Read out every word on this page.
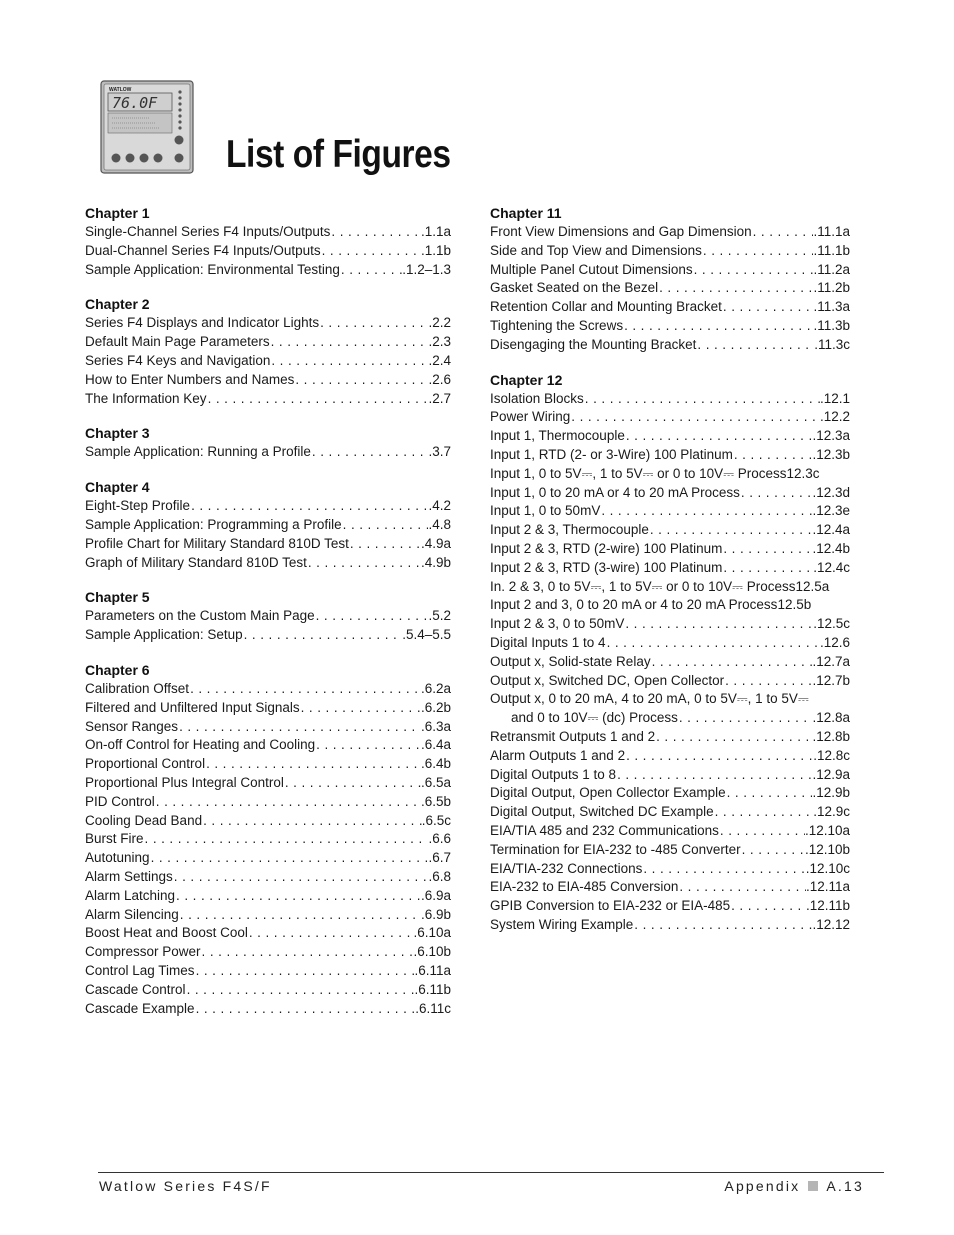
WATLOW
76.0F
List of Figures
Chapter 1
Single-Channel Series F4 Inputs/Outputs . . .	.1.1a
Dual-Channel Series F4 Inputs/Outputs . . .	.1.1b
Sample Application: Environmental Testing . . .	.1.2–1.3
Chapter 2
Series F4 Displays and Indicator Lights . . .	.2.2
Default Main Page Parameters . . .	.2.3
Series F4 Keys and Navigation . . .	.2.4
How to Enter Numbers and Names . . .	.2.6
The Information Key . . .	.2.7
Chapter 3
Sample Application: Running a Profile . . .	.3.7
Chapter 4
Eight-Step Profile . . .	.4.2
Sample Application: Programming a Profile . . .	.4.8
Profile Chart for Military Standard 810D Test . . .	.4.9a
Graph of Military Standard 810D Test . . .	.4.9b
Chapter 5
Parameters on the Custom Main Page . . .	.5.2
Sample Application: Setup . . .	.5.4–5.5
Chapter 6
Calibration Offset . . .	.6.2a
Filtered and Unfiltered Input Signals . . .	.6.2b
Sensor Ranges . . .	.6.3a
On-off Control for Heating and Cooling . . .	.6.4a
Proportional Control . . .	.6.4b
Proportional Plus Integral Control . . .	.6.5a
PID Control . . .	.6.5b
Cooling Dead Band . . .	.6.5c
Burst Fire . . .	.6.6
Autotuning . . .	.6.7
Alarm Settings . . .	.6.8
Alarm Latching . . .	.6.9a
Alarm Silencing . . .	.6.9b
Boost Heat and Boost Cool . . .	.6.10a
Compressor Power . . .	.6.10b
Control Lag Times . . .	.6.11a
Cascade Control . . .	.6.11b
Cascade Example . . .	.6.11c
Chapter 11
Front View Dimensions and Gap Dimension . . .	.11.1a
Side and Top View and Dimensions . . .	.11.1b
Multiple Panel Cutout Dimensions . . .	.11.2a
Gasket Seated on the Bezel . . .	.11.2b
Retention Collar and Mounting Bracket . . .	.11.3a
Tightening the Screws . . .	.11.3b
Disengaging the Mounting Bracket . . .	.11.3c
Chapter 12
Isolation Blocks . . .	.12.1
Power Wiring . . .	.12.2
Input 1, Thermocouple . . .	.12.3a
Input 1, RTD (2- or 3-Wire) 100 Platinum . . .	.12.3b
Input 1, 0 to 5V⎓, 1 to 5V⎓ or 0 to 10V⎓ Process 12.3c
Input 1, 0 to 20 mA or 4 to 20 mA Process . . .	.12.3d
Input 1, 0 to 50mV . . .	.12.3e
Input 2 & 3, Thermocouple . . .	.12.4a
Input 2 & 3, RTD (2-wire) 100 Platinum . . .	.12.4b
Input 2 & 3, RTD (3-wire) 100 Platinum . . .	.12.4c
In. 2 & 3, 0 to 5V⎓, 1 to 5V⎓ or 0 to 10V⎓ Process 12.5a
Input 2 and 3, 0 to 20 mA or 4 to 20 mA Process 12.5b
Input 2 & 3, 0 to 50mV . . .	.12.5c
Digital Inputs 1 to 4 . . .	.12.6
Output x, Solid-state Relay . . .	.12.7a
Output x, Switched DC, Open Collector . . .	.12.7b
Output x, 0 to 20 mA, 4 to 20 mA, 0 to 5V⎓, 1 to 5V⎓
and 0 to 10V⎓ (dc) Process . . .	.12.8a
Retransmit Outputs 1 and 2 . . .	.12.8b
Alarm Outputs 1 and 2 . . .	.12.8c
Digital Outputs 1 to 8 . . .	.12.9a
Digital Output, Open Collector Example . . .	.12.9b
Digital Output, Switched DC Example . . .	.12.9c
EIA/TIA 485 and 232 Communications . . .	.12.10a
Termination for EIA-232 to -485 Converter . . .	.12.10b
EIA/TIA-232 Connections . . .	.12.10c
EIA-232 to EIA-485 Conversion . . .	.12.11a
GPIB Conversion to EIA-232 or EIA-485 . . .	.12.11b
System Wiring Example . . .	.12.12
Watlow Series F4S/F	Appendix A.13
